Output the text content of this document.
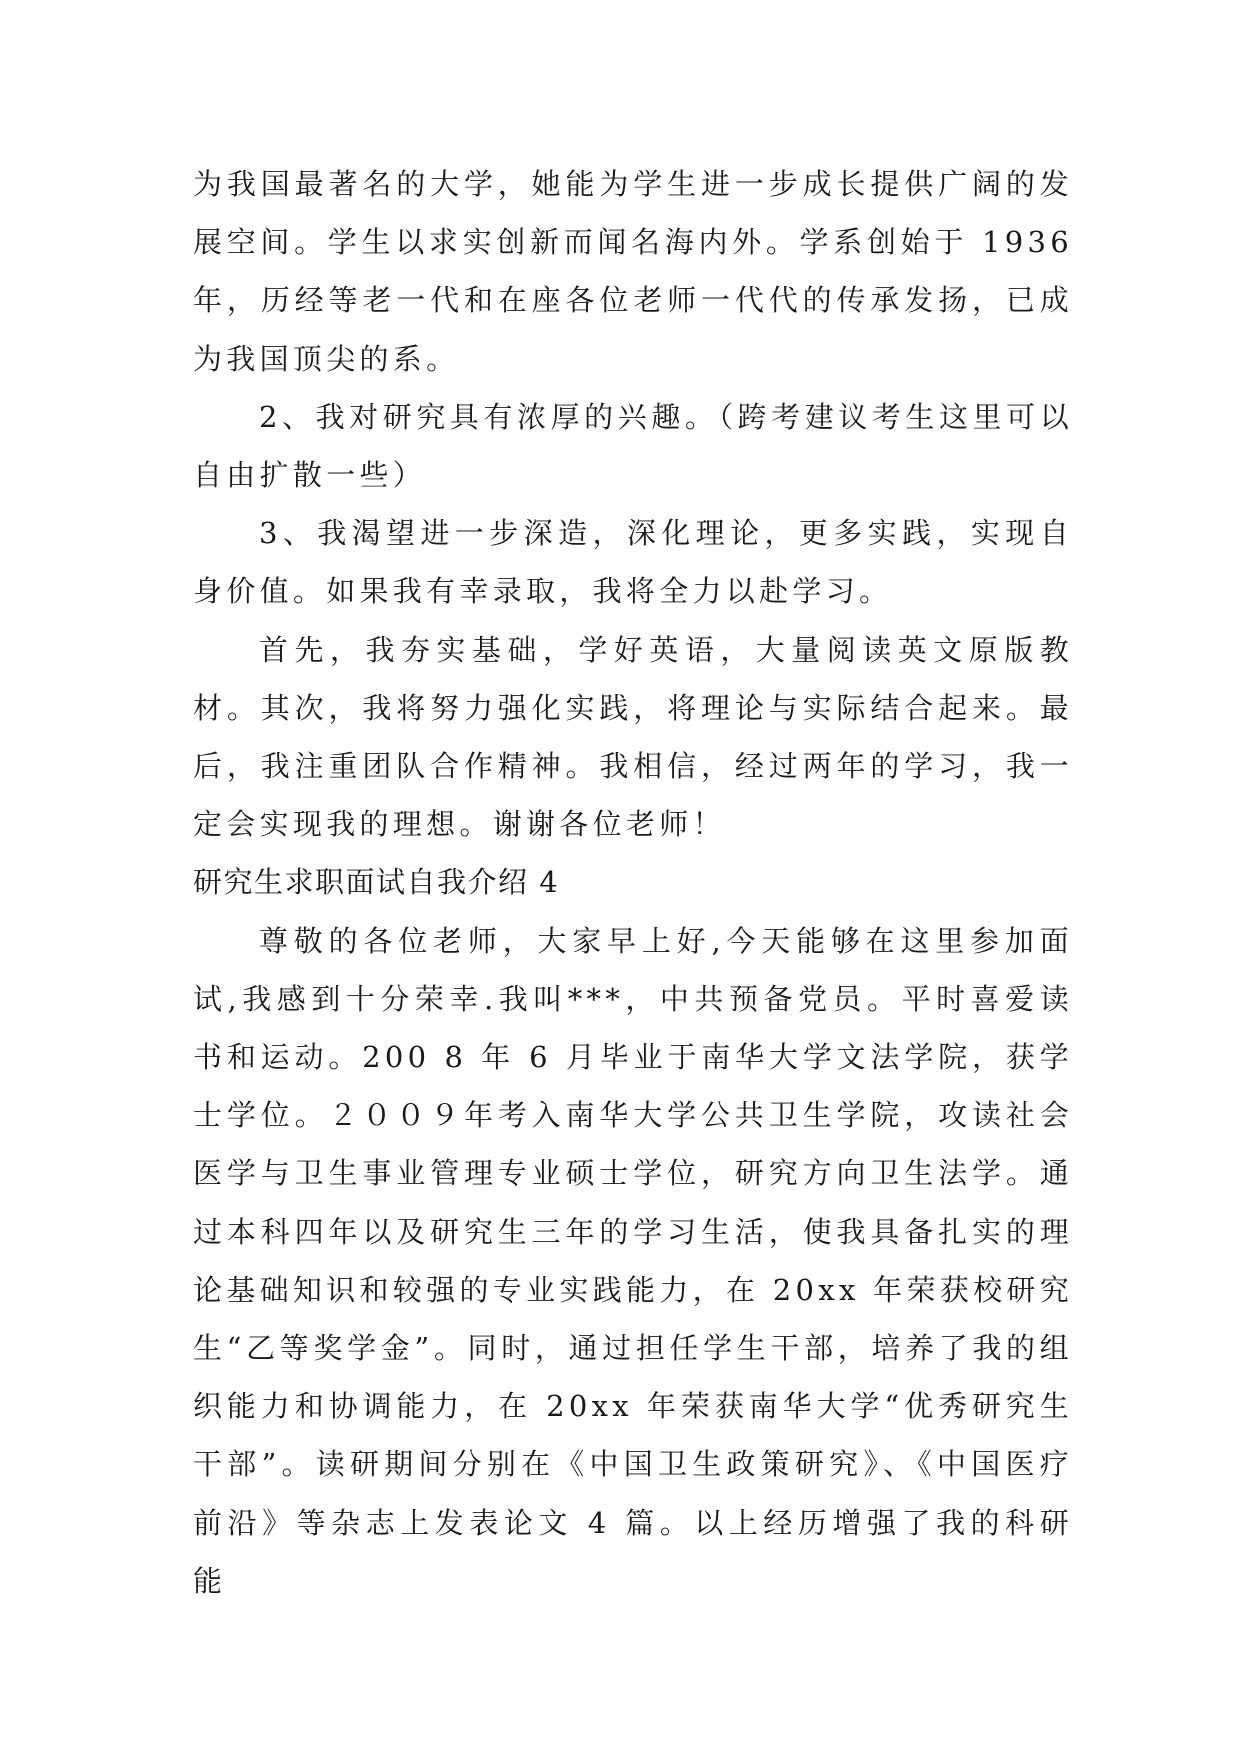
为我国最著名的大学，她能为学生进一步成长提供广阔的发展空间。学生以求实创新而闻名海内外。学系创始于 1936 年，历经等老一代和在座各位老师一代代的传承发扬，已成为我国顶尖的系。

2、我对研究具有浓厚的兴趣。（跨考建议考生这里可以自由扩散一些）

3、我渴望进一步深造，深化理论，更多实践，实现自身价值。如果我有幸录取，我将全力以赴学习。

首先，我夯实基础，学好英语，大量阅读英文原版教材。其次，我将努力强化实践，将理论与实际结合起来。最后，我注重团队合作精神。我相信，经过两年的学习，我一定会实现我的理想。谢谢各位老师！

研究生求职面试自我介绍 4

尊敬的各位老师，大家早上好,今天能够在这里参加面试,我感到十分荣幸.我叫***，中共预备党员。平时喜爱读书和运动。200 8 年 6 月毕业于南华大学文法学院，获学士学位。２００９年考入南华大学公共卫生学院，攻读社会医学与卫生事业管理专业硕士学位，研究方向卫生法学。通过本科四年以及研究生三年的学习生活，使我具备扎实的理论基础知识和较强的专业实践能力，在 20xx 年荣获校研究生“乙等奖学金”。同时，通过担任学生干部，培养了我的组织能力和协调能力，在 20xx 年荣获南华大学“优秀研究生干部”。读研期间分别在《中国卫生政策研究》、《中国医疗前沿》等杂志上发表论文 4 篇。以上经历增强了我的科研能
